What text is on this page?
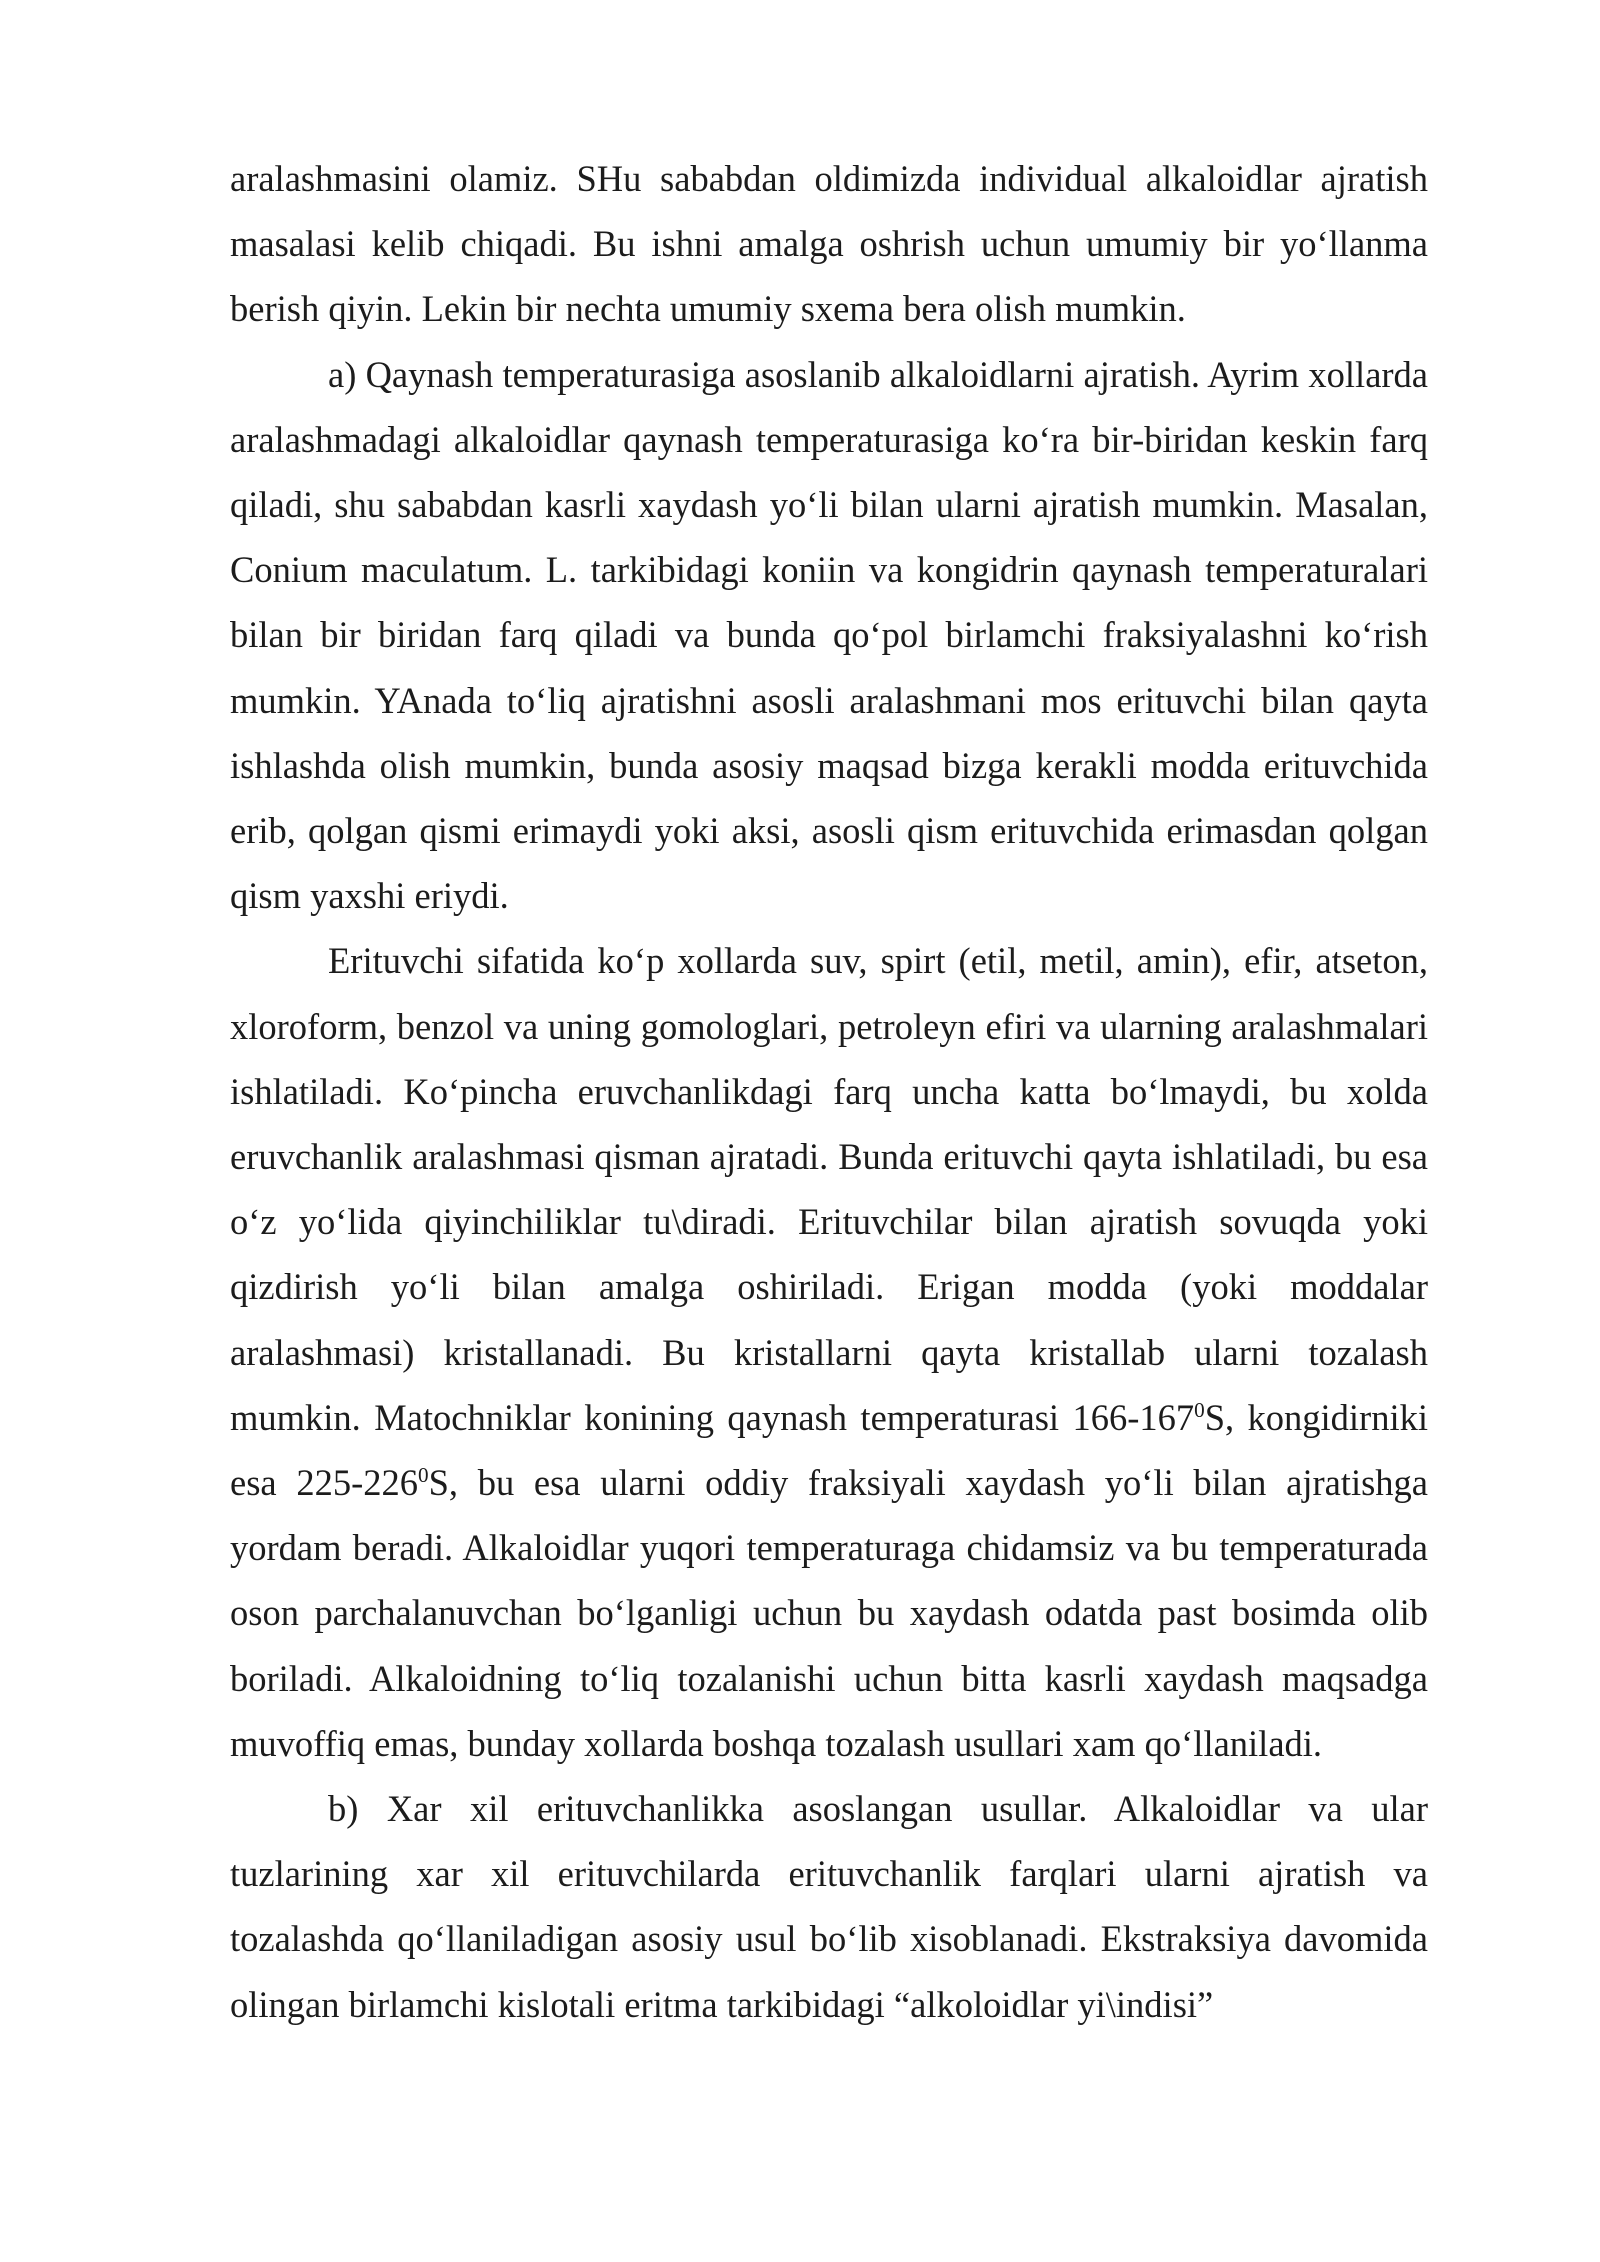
aralashmasini olamiz. SHu sababdan oldimizda individual alkaloidlar ajratish masalasi kelib chiqadi. Bu ishni amalga oshrish uchun umumiy bir yo‘llanma berish qiyin. Lekin bir nechta umumiy sxema bera olish mumkin.

a) Qaynash temperaturasiga asoslanib alkaloidlarni ajratish. Ayrim xollarda aralashmadagi alkaloidlar qaynash temperaturasiga ko‘ra bir-biridan keskin farq qiladi, shu sababdan kasrli xaydash yo‘li bilan ularni ajratish mumkin. Masalan, Conium maculatum. L. tarkibidagi koniin va kongidrin qaynash temperaturalari bilan bir biridan farq qiladi va bunda qo‘pol birlamchi fraksiyalashni ko‘rish mumkin. YAnada to‘liq ajratishni asosli aralashmani mos erituvchi bilan qayta ishlashda olish mumkin, bunda asosiy maqsad bizga kerakli modda erituvchida erib, qolgan qismi erimaydi yoki aksi, asosli qism erituvchida erimasdan qolgan qism yaxshi eriydi.

Erituvchi sifatida ko‘p xollarda suv, spirt (etil, metil, amin), efir, atseton, xloroform, benzol va uning gomologlari, petroleyn efiri va ularning aralashmalari ishlatiladi. Ko‘pincha eruvchanlikdagi farq uncha katta bo‘lmaydi, bu xolda eruvchanlik aralashmasi qisman ajratadi. Bunda erituvchi qayta ishlatiladi, bu esa o‘z yo‘lida qiyinchiliklar tu\diradi. Erituvchilar bilan ajratish sovuqda yoki qizdirish yo‘li bilan amalga oshiriladi. Erigan modda (yoki moddalar aralashmasi) kristallanadi. Bu kristallarni qayta kristallab ularni tozalash mumkin. Matochniklar konining qaynash temperaturasi $166-167^0S$, kongidirniki esa $225-226^0S$, bu esa ularni oddiy fraksiyali xaydash yo‘li bilan ajratishga yordam beradi. Alkaloidlar yuqori temperaturaga chidamsiz va bu temperaturada oson parchalanuvchan bo‘lganligi uchun bu xaydash odatda past bosimda olib boriladi. Alkaloidning to‘liq tozalanishi uchun bitta kasrli xaydash maqsadga muvoffiq emas, bunday xollarda boshqa tozalash usullari xam qo‘llaniladi.

b) Xar xil erituvchanlikka asoslangan usullar. Alkaloidlar va ular tuzlarining xar xil erituvchilarda erituvchanlik farqlari ularni ajratish va tozalashda qo‘llaniladigan asosiy usul bo‘lib xisoblanadi. Ekstraksiya davomida olingan birlamchi kislotali eritma tarkibidagi “alkoloidlar yi\indisi”
